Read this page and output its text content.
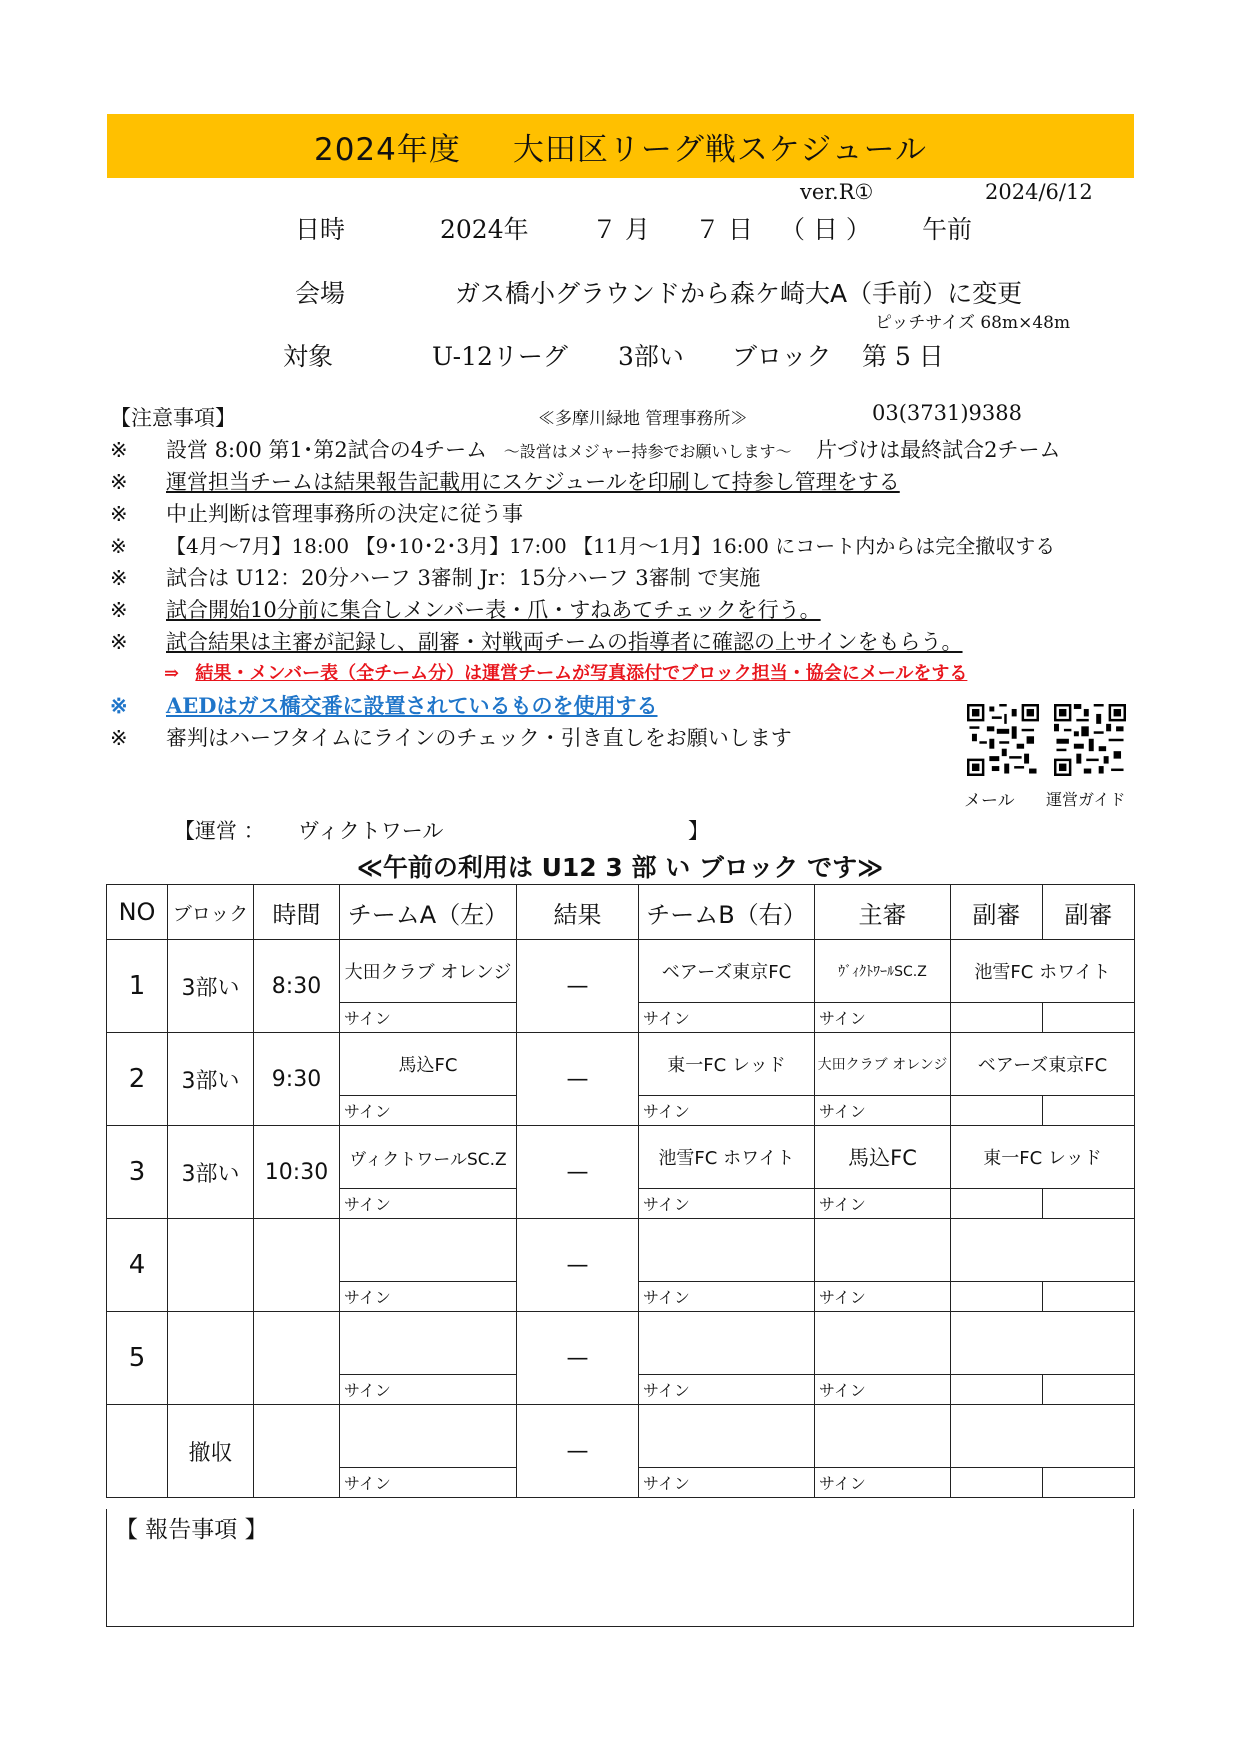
2024年度 大田区リーグ戦スケジュール
ver.R①	2024/6/12
日時	2024年	７ 月 ７ 日 （ 日 ） 午前
会場	ガス橋小グラウンドから森ケ崎大A（手前）に変更
ピッチサイズ 68m×48m
対象	U-12リーグ 3部い ブロック 第 5 日
【注意事項】	≪多摩川緑地 管理事務所≫	03(3731)9388
※ 設営 8:00 第1･第2試合の4チーム ～設営はメジャー持参でお願いします～ 片づけは最終試合2チーム
※ 運営担当チームは結果報告記載用にスケジュールを印刷して持参し管理をする
※ 中止判断は管理事務所の決定に従う事
※ 【4月～7月】18:00 【9･10･2･3月】17:00 【11月～1月】16:00 にコート内からは完全撤収する
※ 試合は U12：20分ハーフ 3審制 Jr：15分ハーフ 3審制 で実施
※ 試合開始10分前に集合しメンバー表・爪・すねあてチェックを行う。
※ 試合結果は主審が記録し、副審・対戦両チームの指導者に確認の上サインをもらう。
⇒ 結果・メンバー表（全チーム分）は運営チームが写真添付でブロック担当・協会にメールをする
※ AEDはガス橋交番に設置されているものを使用する
※ 審判はハーフタイムにラインのチェック・引き直しをお願いします
メール 運営ガイド
【運営 ： ヴィクトワール	】
≪午前の利用は U12 3 部 い ブロック です≫
NO	ブロック	時間	チームA（左）	結果	チームB（右）	主審	副審	副審
1	3部い	8:30	大田クラブ オレンジ	—	ベアーズ東京FC	ｳﾞｨｸﾄﾜｰﾙSC.Z	池雪FC ホワイト	
			サイン		サイン	サイン		
2	3部い	9:30	馬込FC	—	東一FC レッド	大田クラブ オレンジ	ベアーズ東京FC	
			サイン		サイン	サイン		
3	3部い	10:30	ヴィクトワールSC.Z	—	池雪FC ホワイト	馬込FC	東一FC レッド	
			サイン		サイン	サイン		
4				—				
			サイン		サイン	サイン		
5				—				
			サイン		サイン	サイン		
	撤収			—				
			サイン		サイン	サイン		
【 報告事項 】
